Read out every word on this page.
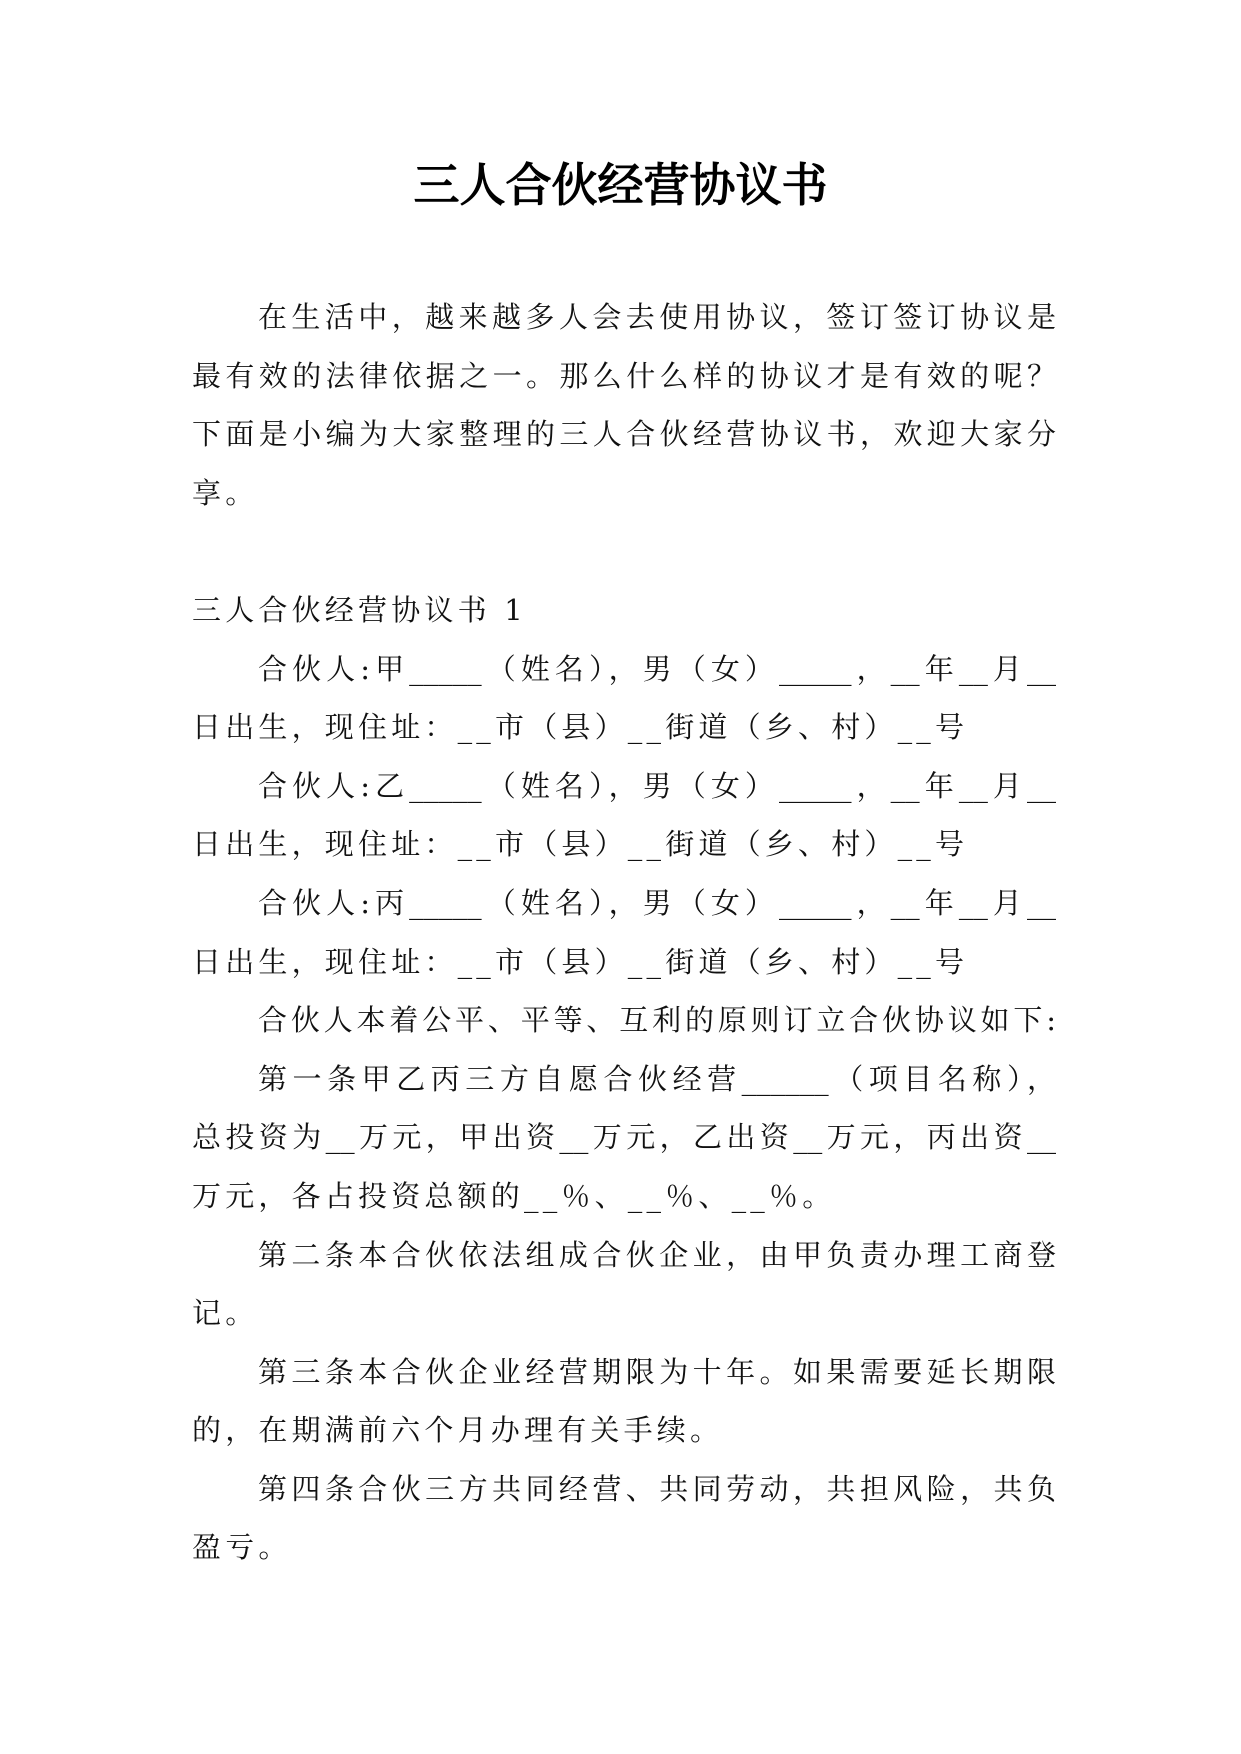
三人合伙经营协议书
在生活中，越来越多人会去使用协议，签订签订协议是
最有效的法律依据之一。那么什么样的协议才是有效的呢？
下面是小编为大家整理的三人合伙经营协议书，欢迎大家分
享。
三人合伙经营协议书 1
合伙人:甲_____（姓名），男（女）_____，__年__月__
日出生，现住址：__市（县）__街道（乡、村）__号
合伙人:乙_____（姓名），男（女）_____，__年__月__
日出生，现住址：__市（县）__街道（乡、村）__号
合伙人:丙_____（姓名），男（女）_____，__年__月__
日出生，现住址：__市（县）__街道（乡、村）__号
合伙人本着公平、平等、互利的原则订立合伙协议如下:
第一条甲乙丙三方自愿合伙经营______（项目名称），
总投资为__万元，甲出资__万元，乙出资__万元，丙出资__
万元，各占投资总额的__％、__％、__％。
第二条本合伙依法组成合伙企业，由甲负责办理工商登
记。
第三条本合伙企业经营期限为十年。如果需要延长期限
的，在期满前六个月办理有关手续。
第四条合伙三方共同经营、共同劳动，共担风险，共负
盈亏。
